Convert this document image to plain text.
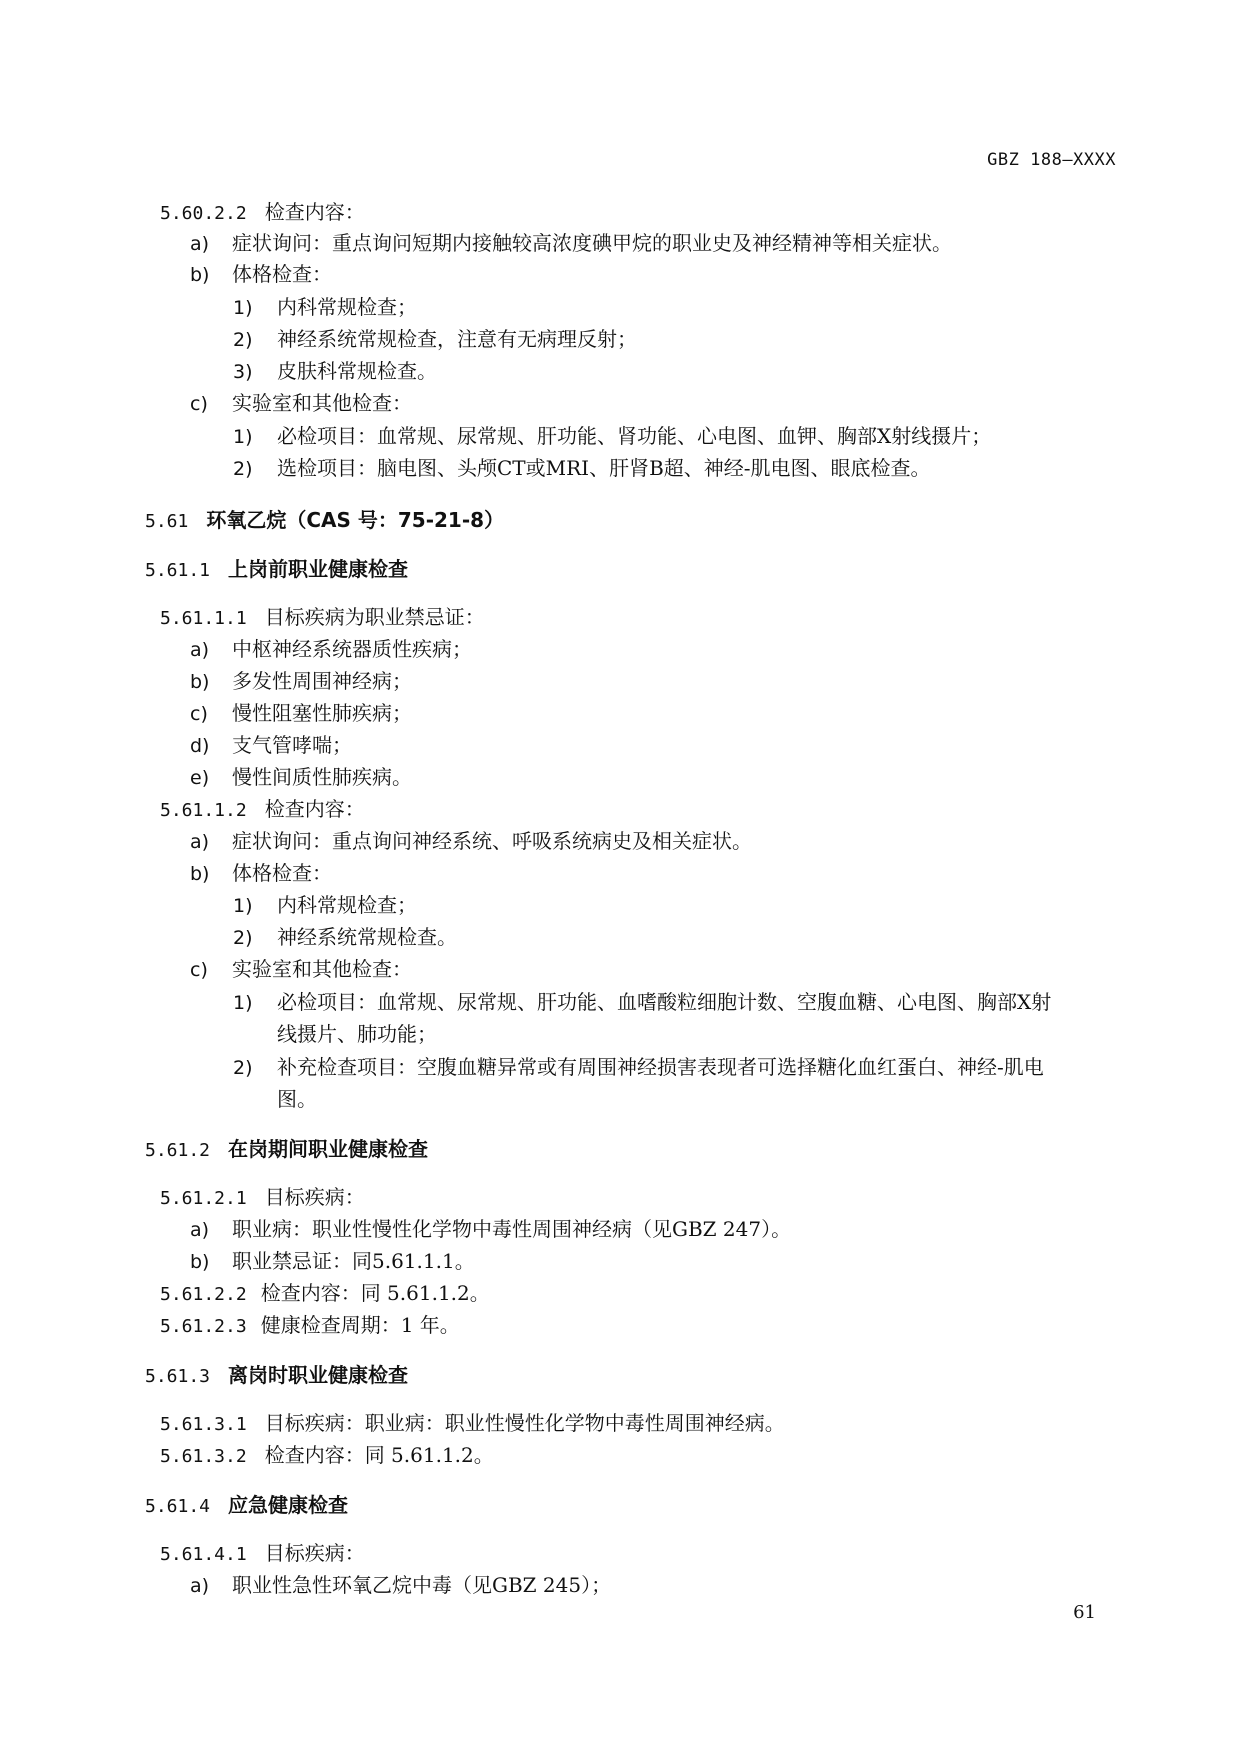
GBZ 188—XXXX
5.60.2.2 检查内容：
a) 症状询问：重点询问短期内接触较高浓度碘甲烷的职业史及神经精神等相关症状。
b) 体格检查：
1) 内科常规检查；
2) 神经系统常规检查，注意有无病理反射；
3) 皮肤科常规检查。
c) 实验室和其他检查：
1) 必检项目：血常规、尿常规、肝功能、肾功能、心电图、血钾、胸部X射线摄片；
2) 选检项目：脑电图、头颅CT或MRI、肝肾B超、神经-肌电图、眼底检查。
5.61 环氧乙烷（CAS 号：75-21-8）
5.61.1 上岗前职业健康检查
5.61.1.1 目标疾病为职业禁忌证：
a) 中枢神经系统器质性疾病；
b) 多发性周围神经病；
c) 慢性阻塞性肺疾病；
d) 支气管哮喘；
e) 慢性间质性肺疾病。
5.61.1.2 检查内容：
a) 症状询问：重点询问神经系统、呼吸系统病史及相关症状。
b) 体格检查：
1) 内科常规检查；
2) 神经系统常规检查。
c) 实验室和其他检查：
1) 必检项目：血常规、尿常规、肝功能、血嗜酸粒细胞计数、空腹血糖、心电图、胸部X射
线摄片、肺功能；
2) 补充检查项目：空腹血糖异常或有周围神经损害表现者可选择糖化血红蛋白、神经-肌电
图。
5.61.2 在岗期间职业健康检查
5.61.2.1 目标疾病：
a) 职业病：职业性慢性化学物中毒性周围神经病（见GBZ 247）。
b) 职业禁忌证：同5.61.1.1。
5.61.2.2 检查内容：同 5.61.1.2。
5.61.2.3 健康检查周期：1 年。
5.61.3 离岗时职业健康检查
5.61.3.1 目标疾病：职业病：职业性慢性化学物中毒性周围神经病。
5.61.3.2 检查内容：同 5.61.1.2。
5.61.4 应急健康检查
5.61.4.1 目标疾病：
a) 职业性急性环氧乙烷中毒（见GBZ 245）；
61
